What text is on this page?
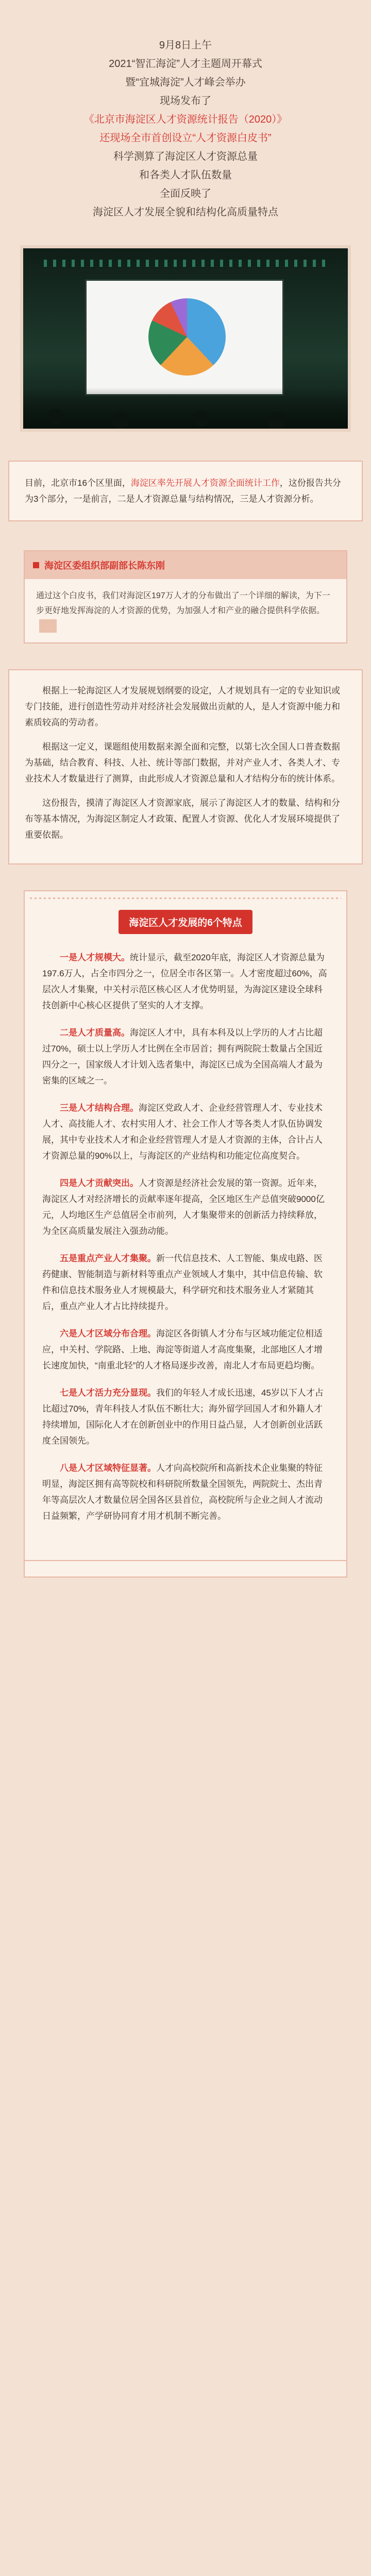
9月8日上午

2021“智汇海淀”人才主题周开幕式

暨“宜城海淀”人才峰会举办

现场发布了

《北京市海淀区人才资源统计报告（2020）》

还现场全市首创设立“人才资源白皮书”

科学测算了海淀区人才资源总量

和各类人才队伍数量

全面反映了

海淀区人才发展全貌和结构化高质量特点

目前，北京市16个区里面，海淀区率先开展人才资源全面统计工作，这份报告共分为3个部分，一是前言，二是人才资源总量与结构情况，三是人才资源分析。
海淀区委组织部副部长陈东刚
通过这个白皮书，我们对海淀区197万人才的分布做出了一个详细的解读，为下一步更好地发挥海淀的人才资源的优势，为加强人才和产业的融合提供科学依据。

根据上一轮海淀区人才发展规划纲要的设定，人才规划具有一定的专业知识或专门技能，进行创造性劳动并对经济社会发展做出贡献的人，是人才资源中能力和素质较高的劳动者。

根据这一定义，课题组使用数据来源全面和完整，以第七次全国人口普查数据为基础，结合教育、科技、人社、统计等部门数据，并对产业人才、各类人才、专业技术人才数量进行了测算，由此形成人才资源总量和人才结构分布的统计体系。

这份报告，摸清了海淀区人才资源家底，展示了海淀区人才的数量、结构和分布等基本情况，为海淀区制定人才政策、配置人才资源、优化人才发展环境提供了重要依据。

海淀区人才发展的6个特点

一是人才规模大。统计显示，截至2020年底，海淀区人才资源总量为197.6万人，占全市四分之一，位居全市各区第一。人才密度超过60%，高层次人才集聚，中关村示范区核心区人才优势明显，为海淀区建设全球科技创新中心核心区提供了坚实的人才支撑。

二是人才质量高。海淀区人才中，具有本科及以上学历的人才占比超过70%，硕士以上学历人才比例在全市居首；拥有两院院士数量占全国近四分之一，国家级人才计划入选者集中，海淀区已成为全国高端人才最为密集的区域之一。

三是人才结构合理。海淀区党政人才、企业经营管理人才、专业技术人才、高技能人才、农村实用人才、社会工作人才等各类人才队伍协调发展，其中专业技术人才和企业经营管理人才是人才资源的主体，合计占人才资源总量的90%以上，与海淀区的产业结构和功能定位高度契合。

四是人才贡献突出。人才资源是经济社会发展的第一资源。近年来，海淀区人才对经济增长的贡献率逐年提高，全区地区生产总值突破9000亿元，人均地区生产总值居全市前列，人才集聚带来的创新活力持续释放，为全区高质量发展注入强劲动能。

五是重点产业人才集聚。新一代信息技术、人工智能、集成电路、医药健康、智能制造与新材料等重点产业领域人才集中，其中信息传输、软件和信息技术服务业人才规模最大，科学研究和技术服务业人才紧随其后，重点产业人才占比持续提升。

六是人才区域分布合理。海淀区各街镇人才分布与区域功能定位相适应，中关村、学院路、上地、海淀等街道人才高度集聚，北部地区人才增长速度加快，“南重北轻”的人才格局逐步改善，南北人才布局更趋均衡。

七是人才活力充分显现。我们的年轻人才成长迅速，45岁以下人才占比超过70%，青年科技人才队伍不断壮大；海外留学回国人才和外籍人才持续增加，国际化人才在创新创业中的作用日益凸显，人才创新创业活跃度全国领先。

八是人才区域特征显著。人才向高校院所和高新技术企业集聚的特征明显，海淀区拥有高等院校和科研院所数量全国领先，两院院士、杰出青年等高层次人才数量位居全国各区县首位，高校院所与企业之间人才流动日益频繁，产学研协同育才用才机制不断完善。
